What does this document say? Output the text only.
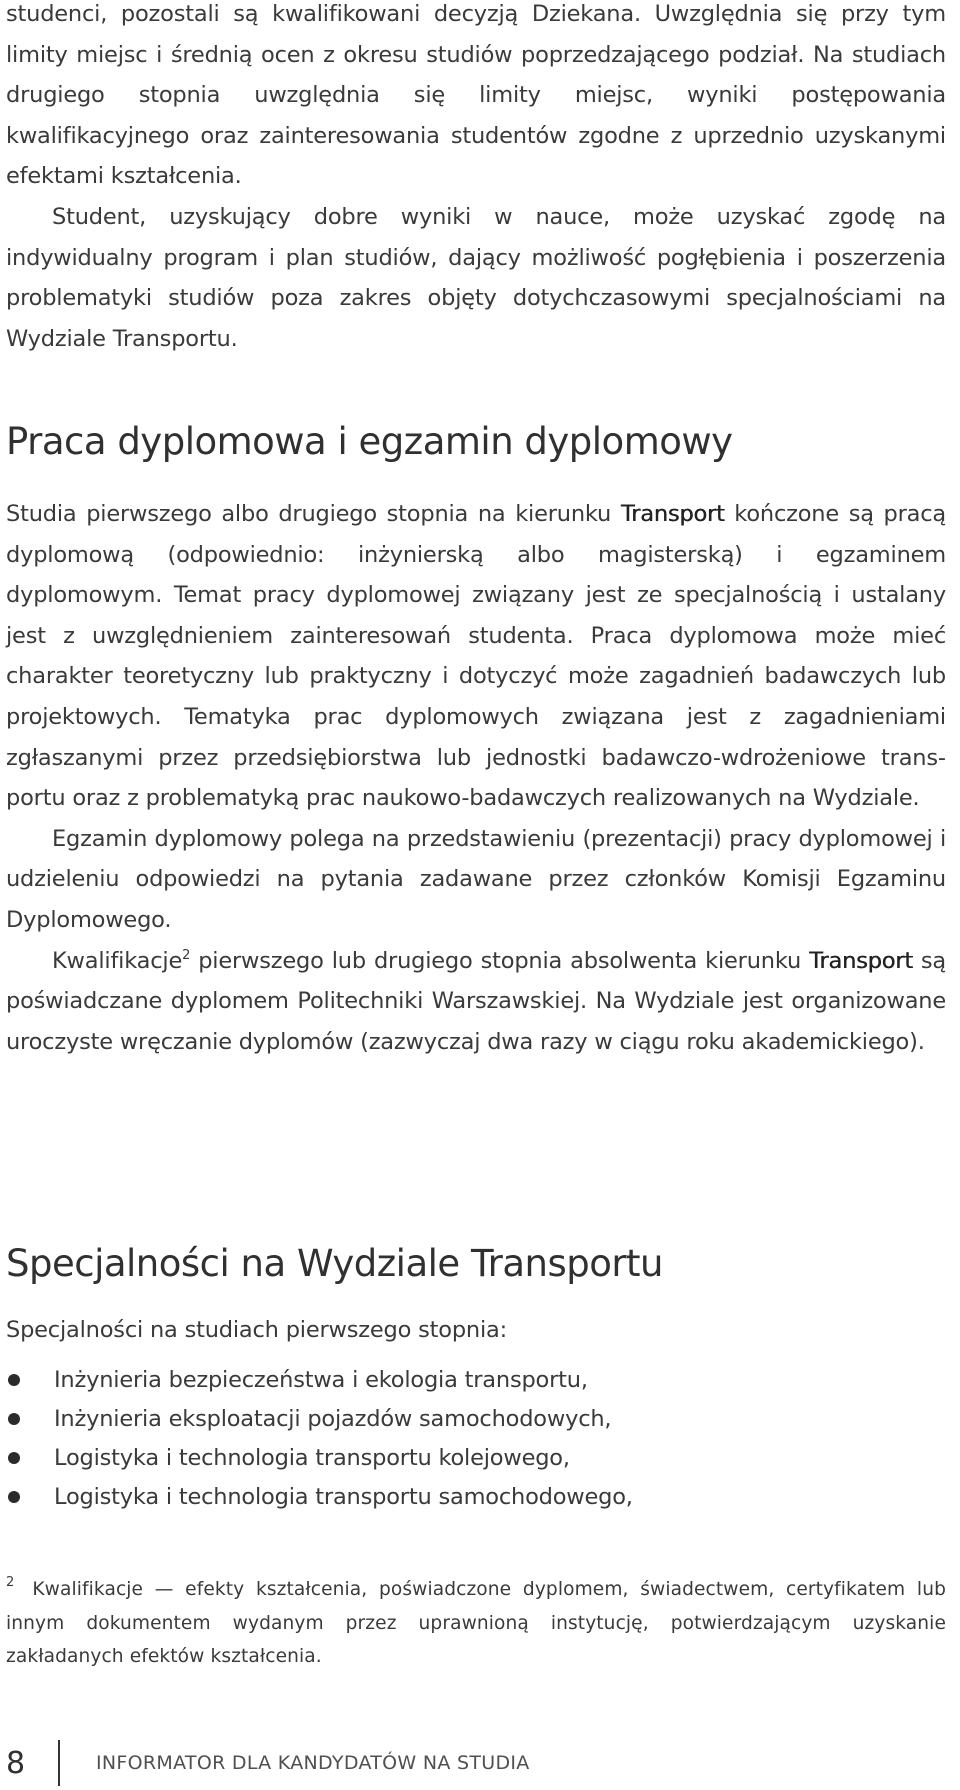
studenci, pozostali są kwalifikowani decyzją Dziekana. Uwzględnia się przy tym limity miejsc i średnią ocen z okresu studiów poprzedzającego podział. Na studiach drugiego stopnia uwzględnia się limity miejsc, wyniki postępowania kwalifikacyjnego oraz zainteresowania studentów zgodne z uprzednio uzyskanymi efektami kształcenia.

Student, uzyskujący dobre wyniki w nauce, może uzyskać zgodę na indywidualny program i plan studiów, dający możliwość pogłębienia i poszerzenia problematyki studiów poza zakres objęty dotychczasowymi specjalnościami na Wydziale Transportu.

Praca dyplomowa i egzamin dyplomowy

Studia pierwszego albo drugiego stopnia na kierunku Transport kończone są pracą dyplomową (odpowiednio: inżynierską albo magisterską) i egzaminem dyplomowym. Temat pracy dyplomowej związany jest ze specjalnością i ustalany jest z uwzględnieniem zainteresowań studenta. Praca dyplomowa może mieć charakter teoretyczny lub praktyczny i dotyczyć może zagadnień badawczych lub projektowych. Tematyka prac dyplomowych związana jest z zagadnieniami zgłaszanymi przez przedsiębiorstwa lub jednostki badawczo-wdrożeniowe transportu oraz z problematyką prac naukowo-badawczych realizowanych na Wydziale.

Egzamin dyplomowy polega na przedstawieniu (prezentacji) pracy dyplomowej i udzieleniu odpowiedzi na pytania zadawane przez członków Komisji Egzaminu Dyplomowego.

Kwalifikacje$^2$ pierwszego lub drugiego stopnia absolwenta kierunku Transport są poświadczane dyplomem Politechniki Warszawskiej. Na Wydziale jest organizowane uroczyste wręczanie dyplomów (zazwyczaj dwa razy w ciągu roku akademickiego).

Specjalności na Wydziale Transportu

Specjalności na studiach pierwszego stopnia:

Inżynieria bezpieczeństwa i ekologia transportu,
Inżynieria eksploatacji pojazdów samochodowych,
Logistyka i technologia transportu kolejowego,
Logistyka i technologia transportu samochodowego,

$^2$ Kwalifikacje — efekty kształcenia, poświadczone dyplomem, świadectwem, certyfikatem lub innym dokumentem wydanym przez uprawnioną instytucję, potwierdzającym uzyskanie zakładanych efektów kształcenia.

8	INFORMATOR DLA KANDYDATÓW NA STUDIA
